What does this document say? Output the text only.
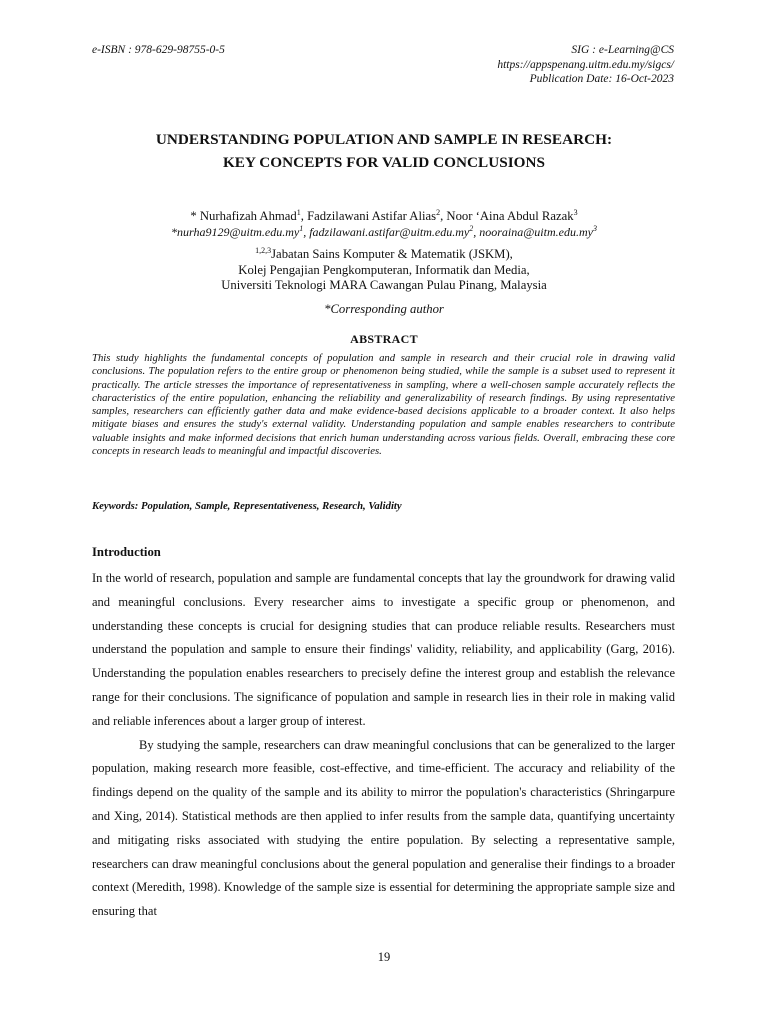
e-ISBN : 978-629-98755-0-5	SIG : e-Learning@CS
https://appspenang.uitm.edu.my/sigcs/
Publication Date: 16-Oct-2023
UNDERSTANDING POPULATION AND SAMPLE IN RESEARCH:
KEY CONCEPTS FOR VALID CONCLUSIONS
* Nurhafizah Ahmad$^1$, Fadzilawani Astifar Alias$^2$, Noor ‘Aina Abdul Razak$^3$
$*nurha9129@uitm.edu.my^1$, $fadzilawani.astifar@uitm.edu.my^2$, $nooraina@uitm.edu.my^3$
$^{1,2,3}$Jabatan Sains Komputer & Matematik (JSKM),
Kolej Pengajian Pengkomputeran, Informatik dan Media,
Universiti Teknologi MARA Cawangan Pulau Pinang, Malaysia
*Corresponding author
ABSTRACT
This study highlights the fundamental concepts of population and sample in research and their crucial role in drawing valid conclusions. The population refers to the entire group or phenomenon being studied, while the sample is a subset used to represent it practically. The article stresses the importance of representativeness in sampling, where a well-chosen sample accurately reflects the characteristics of the entire population, enhancing the reliability and generalizability of research findings. By using representative samples, researchers can efficiently gather data and make evidence-based decisions applicable to a broader context. It also helps mitigate biases and ensures the study's external validity. Understanding population and sample enables researchers to contribute valuable insights and make informed decisions that enrich human understanding across various fields. Overall, embracing these core concepts in research leads to meaningful and impactful discoveries.
Keywords: Population, Sample, Representativeness, Research, Validity
Introduction

In the world of research, population and sample are fundamental concepts that lay the groundwork for drawing valid and meaningful conclusions. Every researcher aims to investigate a specific group or phenomenon, and understanding these concepts is crucial for designing studies that can produce reliable results. Researchers must understand the population and sample to ensure their findings' validity, reliability, and applicability (Garg, 2016). Understanding the population enables researchers to precisely define the interest group and establish the relevance range for their conclusions. The significance of population and sample in research lies in their role in making valid and reliable inferences about a larger group of interest.

By studying the sample, researchers can draw meaningful conclusions that can be generalized to the larger population, making research more feasible, cost-effective, and time-efficient. The accuracy and reliability of the findings depend on the quality of the sample and its ability to mirror the population's characteristics (Shringarpure and Xing, 2014). Statistical methods are then applied to infer results from the sample data, quantifying uncertainty and mitigating risks associated with studying the entire population. By selecting a representative sample, researchers can draw meaningful conclusions about the general population and generalise their findings to a broader context (Meredith, 1998). Knowledge of the sample size is essential for determining the appropriate sample size and ensuring that

19
